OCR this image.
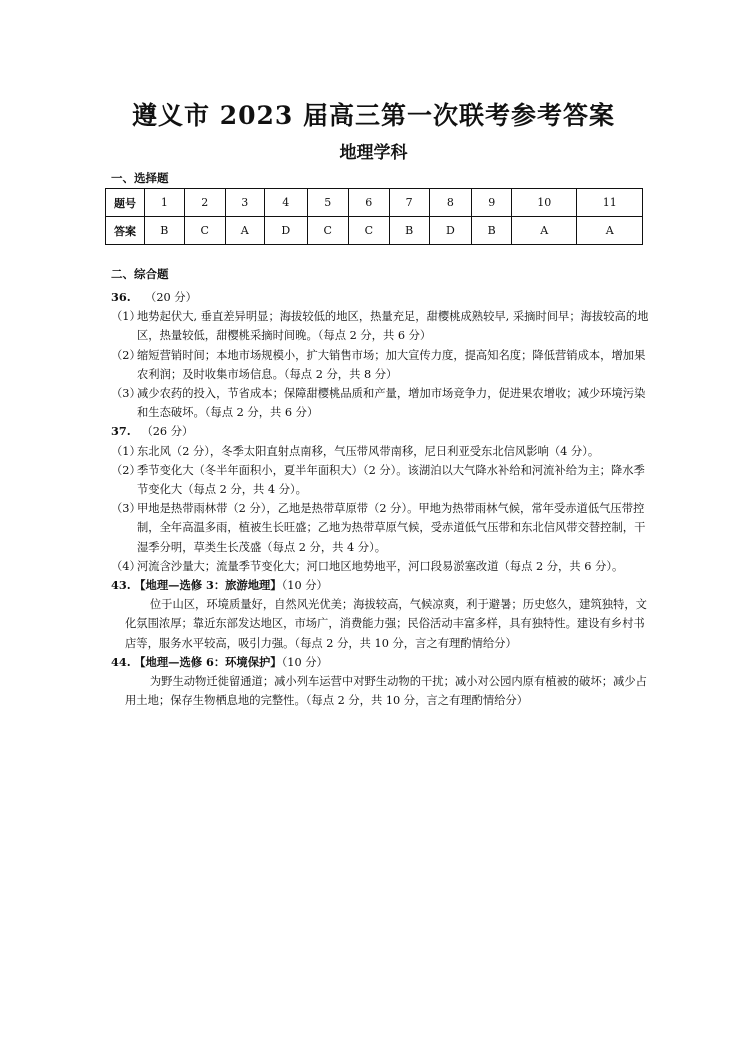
遵义市 2023 届高三第一次联考参考答案
地理学科
一、选择题
题号	1	2	3	4	5	6	7	8	9	10	11
答案	B	C	A	D	C	C	B	D	B	A	A
二、综合题
36. （20 分）
（1）地势起伏大, 垂直差异明显；海拔较低的地区，热量充足，甜樱桃成熟较早, 采摘时间早；海拔较高的地区，热量较低，甜樱桃采摘时间晚。（每点 2 分，共 6 分）
（2）缩短营销时间；本地市场规模小，扩大销售市场；加大宣传力度，提高知名度；降低营销成本，增加果农利润；及时收集市场信息。（每点 2 分，共 8 分）
（3）减少农药的投入，节省成本；保障甜樱桃品质和产量，增加市场竞争力，促进果农增收；减少环境污染和生态破坏。（每点 2 分，共 6 分）
37. （26 分）
（1）东北风（2 分），冬季太阳直射点南移，气压带风带南移，尼日利亚受东北信风影响（4 分）。
（2）季节变化大（冬半年面积小，夏半年面积大）（2 分）。该湖泊以大气降水补给和河流补给为主；降水季节变化大（每点 2 分，共 4 分）。
（3）甲地是热带雨林带（2 分），乙地是热带草原带（2 分）。甲地为热带雨林气候，常年受赤道低气压带控制，全年高温多雨，植被生长旺盛；乙地为热带草原气候，受赤道低气压带和东北信风带交替控制，干湿季分明，草类生长茂盛（每点 2 分，共 4 分）。
（4）河流含沙量大；流量季节变化大；河口地区地势地平，河口段易淤塞改道（每点 2 分，共 6 分）。
43. 【地理—选修 3：旅游地理】（10 分）
位于山区，环境质量好，自然风光优美；海拔较高，气候凉爽，利于避暑；历史悠久，建筑独特，文化氛围浓厚；靠近东部发达地区，市场广，消费能力强；民俗活动丰富多样，具有独特性。建设有乡村书店等，服务水平较高，吸引力强。（每点 2 分，共 10 分，言之有理酌情给分）
44. 【地理—选修 6：环境保护】（10 分）
为野生动物迁徙留通道；减小列车运营中对野生动物的干扰；减小对公园内原有植被的破坏；减少占用土地；保存生物栖息地的完整性。（每点 2 分，共 10 分，言之有理酌情给分）
